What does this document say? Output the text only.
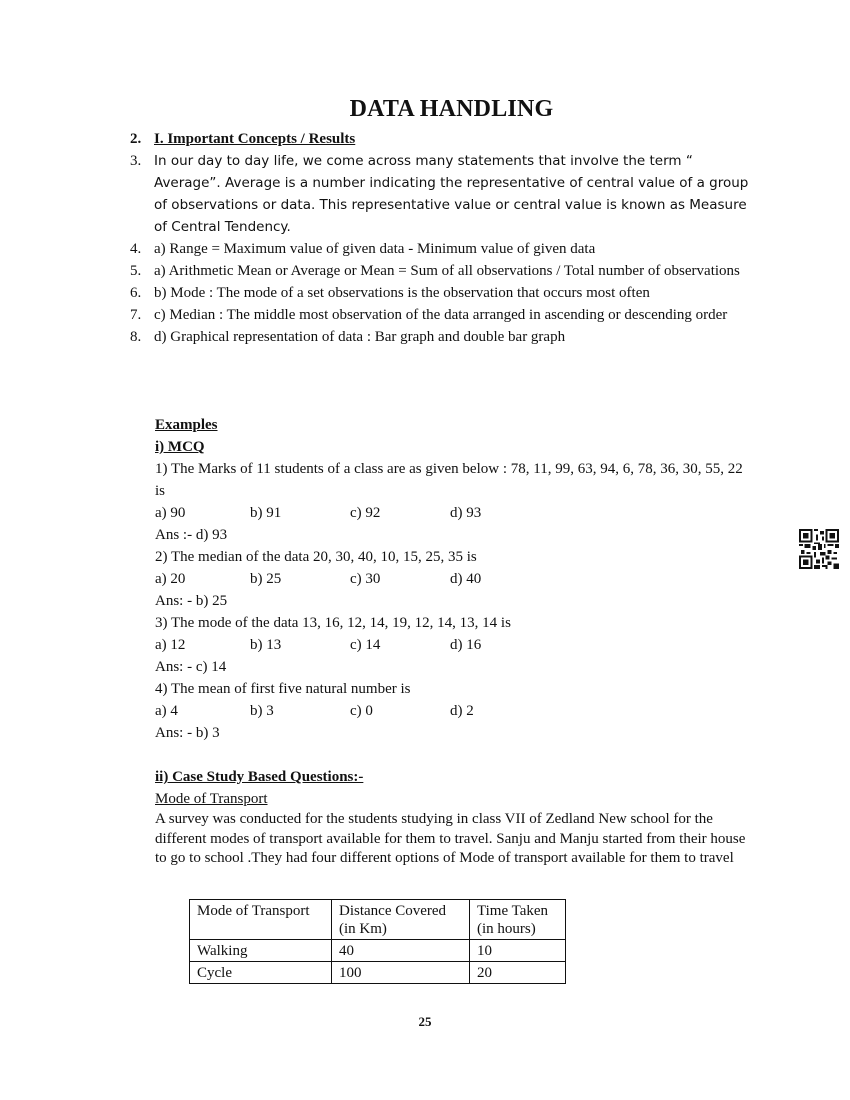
DATA HANDLING
2. I. Important Concepts / Results
3. In our day to day life, we come across many statements that involve the term “ Average”. Average is a number indicating the representative of central value of a group of observations or data. This representative value or central value is known as Measure of Central Tendency.
4. a) Range = Maximum value of given data - Minimum value of given data
5. a) Arithmetic Mean or Average or Mean = Sum of all observations / Total number of observations
6. b) Mode : The mode of a set observations is the observation that occurs most often
7. c) Median : The middle most observation of the data arranged in ascending or descending order
8. d) Graphical representation of data : Bar graph and double bar graph
Examples
i) MCQ
1) The Marks of 11 students of a class are as given below : 78, 11, 99, 63, 94, 6, 78, 36, 30, 55, 22 is
a) 90	b) 91	c) 92	d) 93
Ans :- d) 93
2) The median of the data 20, 30, 40, 10, 15, 25, 35 is
a) 20	b) 25	c) 30	d) 40
Ans: - b) 25
3) The mode of the data 13, 16, 12, 14, 19, 12, 14, 13, 14 is
a) 12	b) 13	c) 14	d) 16
Ans: - c) 14
4) The mean of first five natural number is
a) 4	b) 3	c) 0	d) 2
Ans: - b) 3
ii) Case Study Based Questions:-
Mode of Transport
A survey was conducted for the students studying in class VII of Zedland New school for the different modes of transport available for them to travel. Sanju and Manju started from their house to go to school .They had four different options of Mode of transport available for them to travel
Mode of Transport	Distance Covered (in Km)	Time Taken (in hours)
Walking	40	10
Cycle	100	20
25
